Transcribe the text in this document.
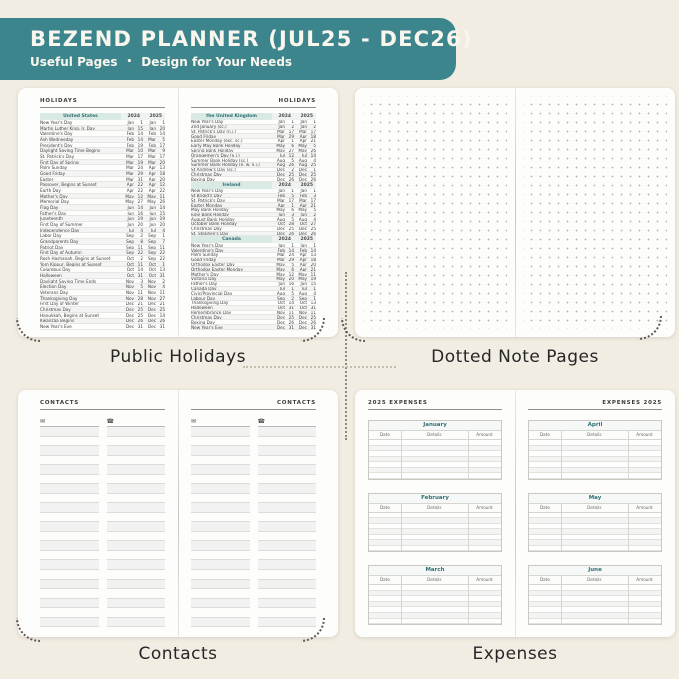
BEZEND PLANNER (JUL25 - DEC26)
Useful Pages • Design for Your Needs
HOLIDAYS
United States	2024	2025
New Year's Day	Jan	1	Jan	1
Martin Luther King, Jr. Day	Jan 15	Jan 20
Valentine's Day	Feb 14	Feb 14
Ash Wednesday	Feb 14	Mar	5
President's Day	Feb 19	Feb 17
Daylight Saving Time Begins	Mar 10	Mar	9
St. Patrick's Day	Mar 17	Mar 17
First Day of Spring	Mar 19	Mar 20
Palm Sunday	Mar 24	Apr 13
Good Friday	Mar 29	Apr 18
Easter	Mar 31	Apr 20
Passover, Begins at Sunset	Apr 22	Apr 12
Earth Day	Apr 22	Apr 22
Mother's Day	May 12	May 11
Memorial Day	May 27	May 26
Flag Day	Jun 14	Jun 14
Father's Day	Jun 16	Jun 15
Juneteenth	Jun 19	Jun 19
First Day of Summer	Jun 20	Jun 20
Independence Day	Jul	4	Jul	4
Labor Day	Sep	2	Sep	1
Grandparents Day	Sep	8	Sep	7
Patriot Day	Sep 11	Sep 11
First Day of Autumn	Sep 22	Sep 22
Rosh Hashanah, Begins at Sunset	Oct	2	Sep 22
Yom Kippur, Begins at Sunset	Oct 11	Oct	1
Columbus Day	Oct 14	Oct 13
Halloween	Oct 31	Oct 31
Daylight Saving Time Ends	Nov	3	Nov	2
Election Day	Nov	5	Nov	4
Veterans Day	Nov 11	Nov 11
Thanksgiving Day	Nov 28	Nov 27
First Day of Winter	Dec 21	Dec 21
Christmas Day	Dec 25	Dec 25
Hanukkah, Begins at Sunset	Dec 25	Dec 14
Kwanzaa Begins	Dec 26	Dec 26
New Year's Eve	Dec 31	Dec 31
HOLIDAYS
the United Kingdom	2024	2025
New Year's Day	Jan	1	Jan	1
2nd January (sc.)	Jan	2	Jan	2
St. Patrick's Day (n.i.)	Mar 17	Mar 17
Good Friday	Mar 29	Apr 18
Easter Monday (exc. sc.)	Apr	1	Apr 21
Early May Bank Holiday	May	6	May	5
Spring Bank Holiday	May 27	May 26
Orangemen's Day (n.i.)	Jul 12	Jul 14
Summer Bank Holiday (sc.)	Aug	5	Aug	4
Summer Bank Holiday (e. w. n.i.)	Aug 26	Aug 25
St Andrew's Day (sc.)	Dec	2	Dec	1
Christmas Day	Dec 25	Dec 25
Boxing Day	Dec 26	Dec 26
Ireland	2024	2025
New Year's Day	Jan	1	Jan	1
St Brigid's Day	Feb	5	Feb	3
St. Patrick's Day	Mar 17	Mar 17
Easter Monday	Apr	1	Apr 21
May Bank Holiday	May	6	May	5
June Bank Holiday	Jun	3	Jun	2
August Bank Holiday	Aug	5	Aug	4
October Bank Holiday	Oct 28	Oct 27
Christmas Day	Dec 25	Dec 25
St. Stephen's Day	Dec 26	Dec 26
Canada	2024	2025
New Year's Day	Jan	1	Jan	1
Valentine's Day	Feb 14	Feb 14
Palm Sunday	Mar 24	Apr 13
Good Friday	Mar 29	Apr 18
Orthodox Easter Day	May	5	Apr 20
Orthodox Easter Monday	May	6	Apr 21
Mother's Day	May 12	May 11
Victoria Day	May 20	May 19
Father's Day	Jun 16	Jun 15
Canada Day	Jul	1	Jul	1
Civic/Provincial Day	Aug	5	Aug	4
Labour Day	Sep	2	Sep	1
Thanksgiving Day	Oct 14	Oct 13
Halloween	Oct 31	Oct 31
Remembrance Day	Nov 11	Nov 11
Christmas Day	Dec 25	Dec 25
Boxing Day	Dec 26	Dec 26
New Year's Eve	Dec 31	Dec 31
CONTACTS
✉	☎
CONTACTS
✉	☎
2025 EXPENSES
January
Date	Details	Amount
February
Date	Details	Amount
March
Date	Details	Amount
EXPENSES 2025
April
Date	Details	Amount
May
Date	Details	Amount
June
Date	Details	Amount
Public Holidays	Dotted Note Pages
Contacts	Expenses
